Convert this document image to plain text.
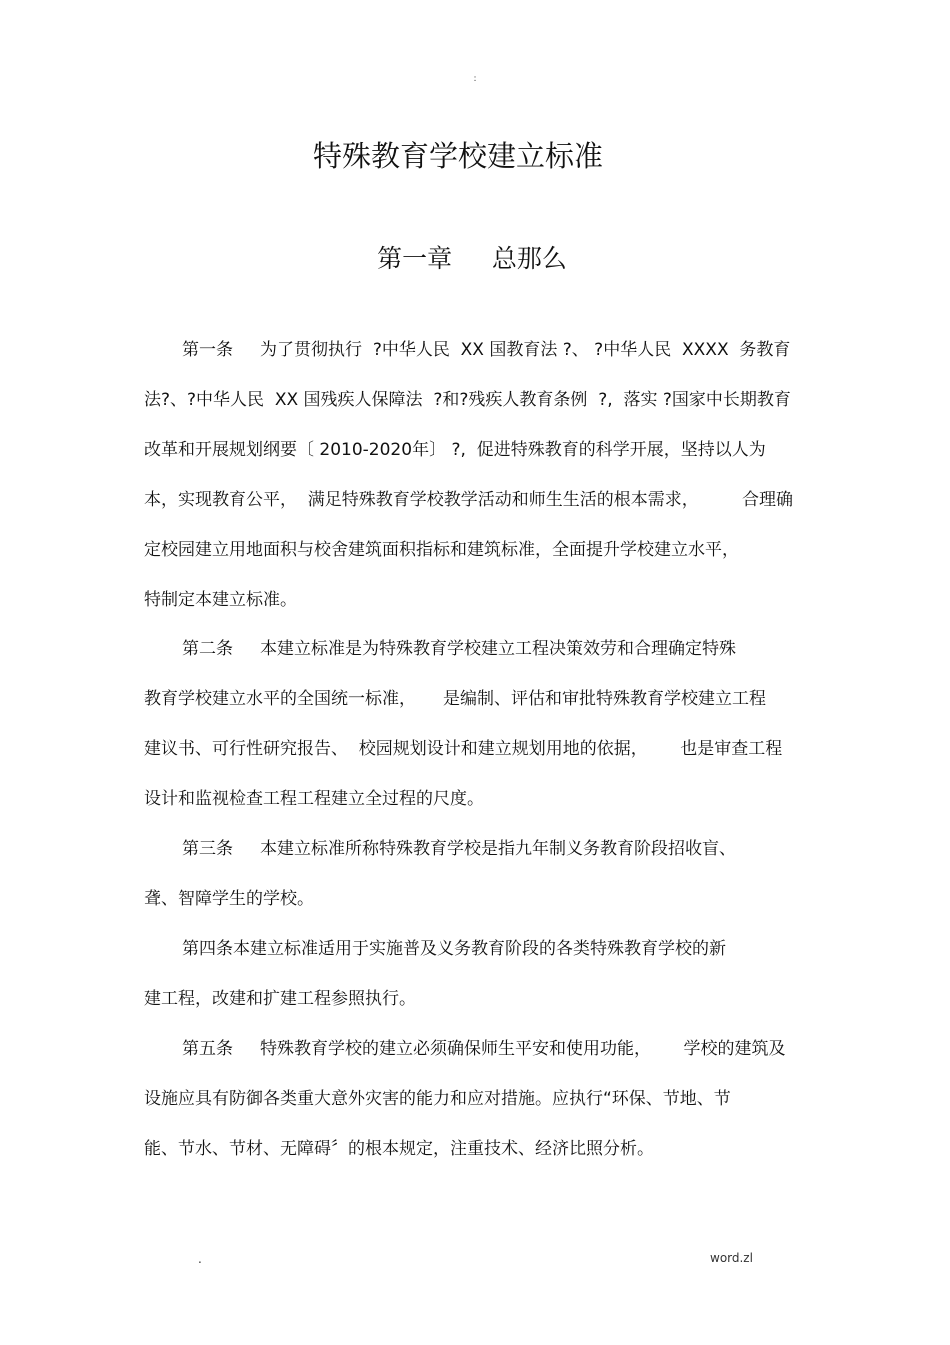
:
特殊教育学校建立标准
第一章     总那么
第一条     为了贯彻执行  ?中华人民  XX 国教育法 ?、 ?中华人民  XXXX  务教育
法?、?中华人民  XX 国残疾人保障法  ?和?残疾人教育条例  ?,  落实 ?国家中长期教育
改革和开展规划纲要〔 2010-2020年〕 ?,  促进特殊教育的科学开展，坚持以人为
本，实现教育公平，  满足特殊教育学校教学活动和师生生活的根本需求，        合理确
定校园建立用地面积与校舍建筑面积指标和建筑标准，全面提升学校建立水平，
特制定本建立标准。
第二条     本建立标准是为特殊教育学校建立工程决策效劳和合理确定特殊
教育学校建立水平的全国统一标准，     是编制、评估和审批特殊教育学校建立工程
建议书、可行性研究报告、  校园规划设计和建立规划用地的依据，      也是审查工程
设计和监视检查工程工程建立全过程的尺度。
第三条     本建立标准所称特殊教育学校是指九年制义务教育阶段招收盲、
聋、智障学生的学校。
第四条本建立标准适用于实施普及义务教育阶段的各类特殊教育学校的新
建工程，改建和扩建工程参照执行。
第五条     特殊教育学校的建立必须确保师生平安和使用功能，      学校的建筑及
设施应具有防御各类重大意外灾害的能力和应对措施。应执行“环保、节地、节
能、节水、节材、无障碍〞的根本规定，注重技术、经济比照分析。
.	word.zl
